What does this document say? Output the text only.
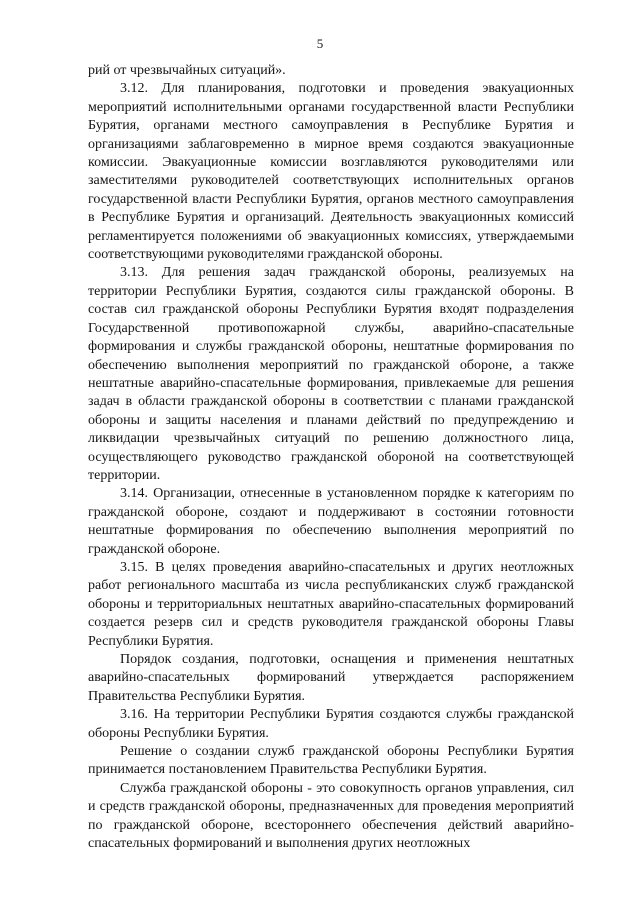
5

рий от чрезвычайных ситуаций».

3.12. Для планирования, подготовки и проведения эвакуационных мероприятий исполнительными органами государственной власти Республики Бурятия, органами местного самоуправления в Республике Бурятия и организациями заблаговременно в мирное время создаются эвакуационные комиссии. Эвакуационные комиссии возглавляются руководителями или заместителями руководителей соответствующих исполнительных органов государственной власти Республики Бурятия, органов местного самоуправления в Республике Бурятия и организаций. Деятельность эвакуационных комиссий регламентируется положениями об эвакуационных комиссиях, утверждаемыми соответствующими руководителями гражданской обороны.

3.13. Для решения задач гражданской обороны, реализуемых на территории Республики Бурятия, создаются силы гражданской обороны. В состав сил гражданской обороны Республики Бурятия входят подразделения Государственной противопожарной службы, аварийно-спасательные формирования и службы гражданской обороны, нештатные формирования по обеспечению выполнения мероприятий по гражданской обороне, а также нештатные аварийно-спасательные формирования, привлекаемые для решения задач в области гражданской обороны в соответствии с планами гражданской обороны и защиты населения и планами действий по предупреждению и ликвидации чрезвычайных ситуаций по решению должностного лица, осуществляющего руководство гражданской обороной на соответствующей территории.

3.14. Организации, отнесенные в установленном порядке к категориям по гражданской обороне, создают и поддерживают в состоянии готовности нештатные формирования по обеспечению выполнения мероприятий по гражданской обороне.

3.15. В целях проведения аварийно-спасательных и других неотложных работ регионального масштаба из числа республиканских служб гражданской обороны и территориальных нештатных аварийно-спасательных формирований создается резерв сил и средств руководителя гражданской обороны Главы Республики Бурятия.

Порядок создания, подготовки, оснащения и применения нештатных аварийно-спасательных формирований утверждается распоряжением Правительства Республики Бурятия.

3.16. На территории Республики Бурятия создаются службы гражданской обороны Республики Бурятия.

Решение о создании служб гражданской обороны Республики Бурятия принимается постановлением Правительства Республики Бурятия.

Служба гражданской обороны - это совокупность органов управления, сил и средств гражданской обороны, предназначенных для проведения мероприятий по гражданской обороне, всестороннего обеспечения действий аварийно-спасательных формирований и выполнения других неотложных
